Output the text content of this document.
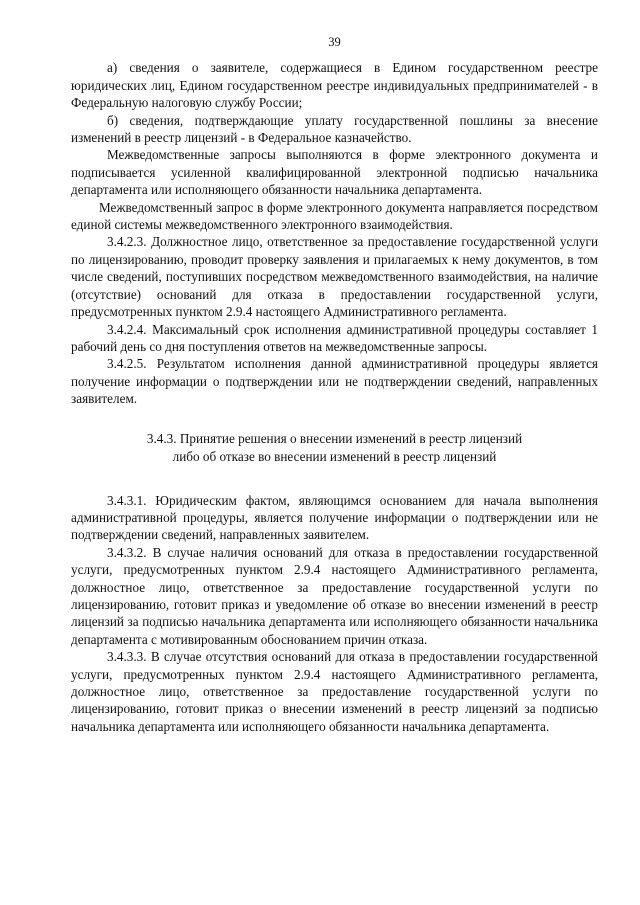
39

а) сведения о заявителе, содержащиеся в Едином государственном реестре юридических лиц, Едином государственном реестре индивидуальных предпринимателей - в Федеральную налоговую службу России;

б) сведения, подтверждающие уплату государственной пошлины за внесение изменений в реестр лицензий - в Федеральное казначейство.

Межведомственные запросы выполняются в форме электронного документа и подписывается усиленной квалифицированной электронной подписью начальника департамента или исполняющего обязанности начальника департамента.

Межведомственный запрос в форме электронного документа направляется посредством единой системы межведомственного электронного взаимодействия.

3.4.2.3. Должностное лицо, ответственное за предоставление государственной услуги по лицензированию, проводит проверку заявления и прилагаемых к нему документов, в том числе сведений, поступивших посредством межведомственного взаимодействия, на наличие (отсутствие) оснований для отказа в предоставлении государственной услуги, предусмотренных пунктом 2.9.4 настоящего Административного регламента.

3.4.2.4. Максимальный срок исполнения административной процедуры составляет 1 рабочий день со дня поступления ответов на межведомственные запросы.

3.4.2.5. Результатом исполнения данной административной процедуры является получение информации о подтверждении или не подтверждении сведений, направленных заявителем.

3.4.3. Принятие решения о внесении изменений в реестр лицензий
либо об отказе во внесении изменений в реестр лицензий

3.4.3.1. Юридическим фактом, являющимся основанием для начала выполнения административной процедуры, является получение информации о подтверждении или не подтверждении сведений, направленных заявителем.

3.4.3.2. В случае наличия оснований для отказа в предоставлении государственной услуги, предусмотренных пунктом 2.9.4 настоящего Административного регламента, должностное лицо, ответственное за предоставление государственной услуги по лицензированию, готовит приказ и уведомление об отказе во внесении изменений в реестр лицензий за подписью начальника департамента или исполняющего обязанности начальника департамента с мотивированным обоснованием причин отказа.

3.4.3.3. В случае отсутствия оснований для отказа в предоставлении государственной услуги, предусмотренных пунктом 2.9.4 настоящего Административного регламента, должностное лицо, ответственное за предоставление государственной услуги по лицензированию, готовит приказ о внесении изменений в реестр лицензий за подписью начальника департамента или исполняющего обязанности начальника департамента.
